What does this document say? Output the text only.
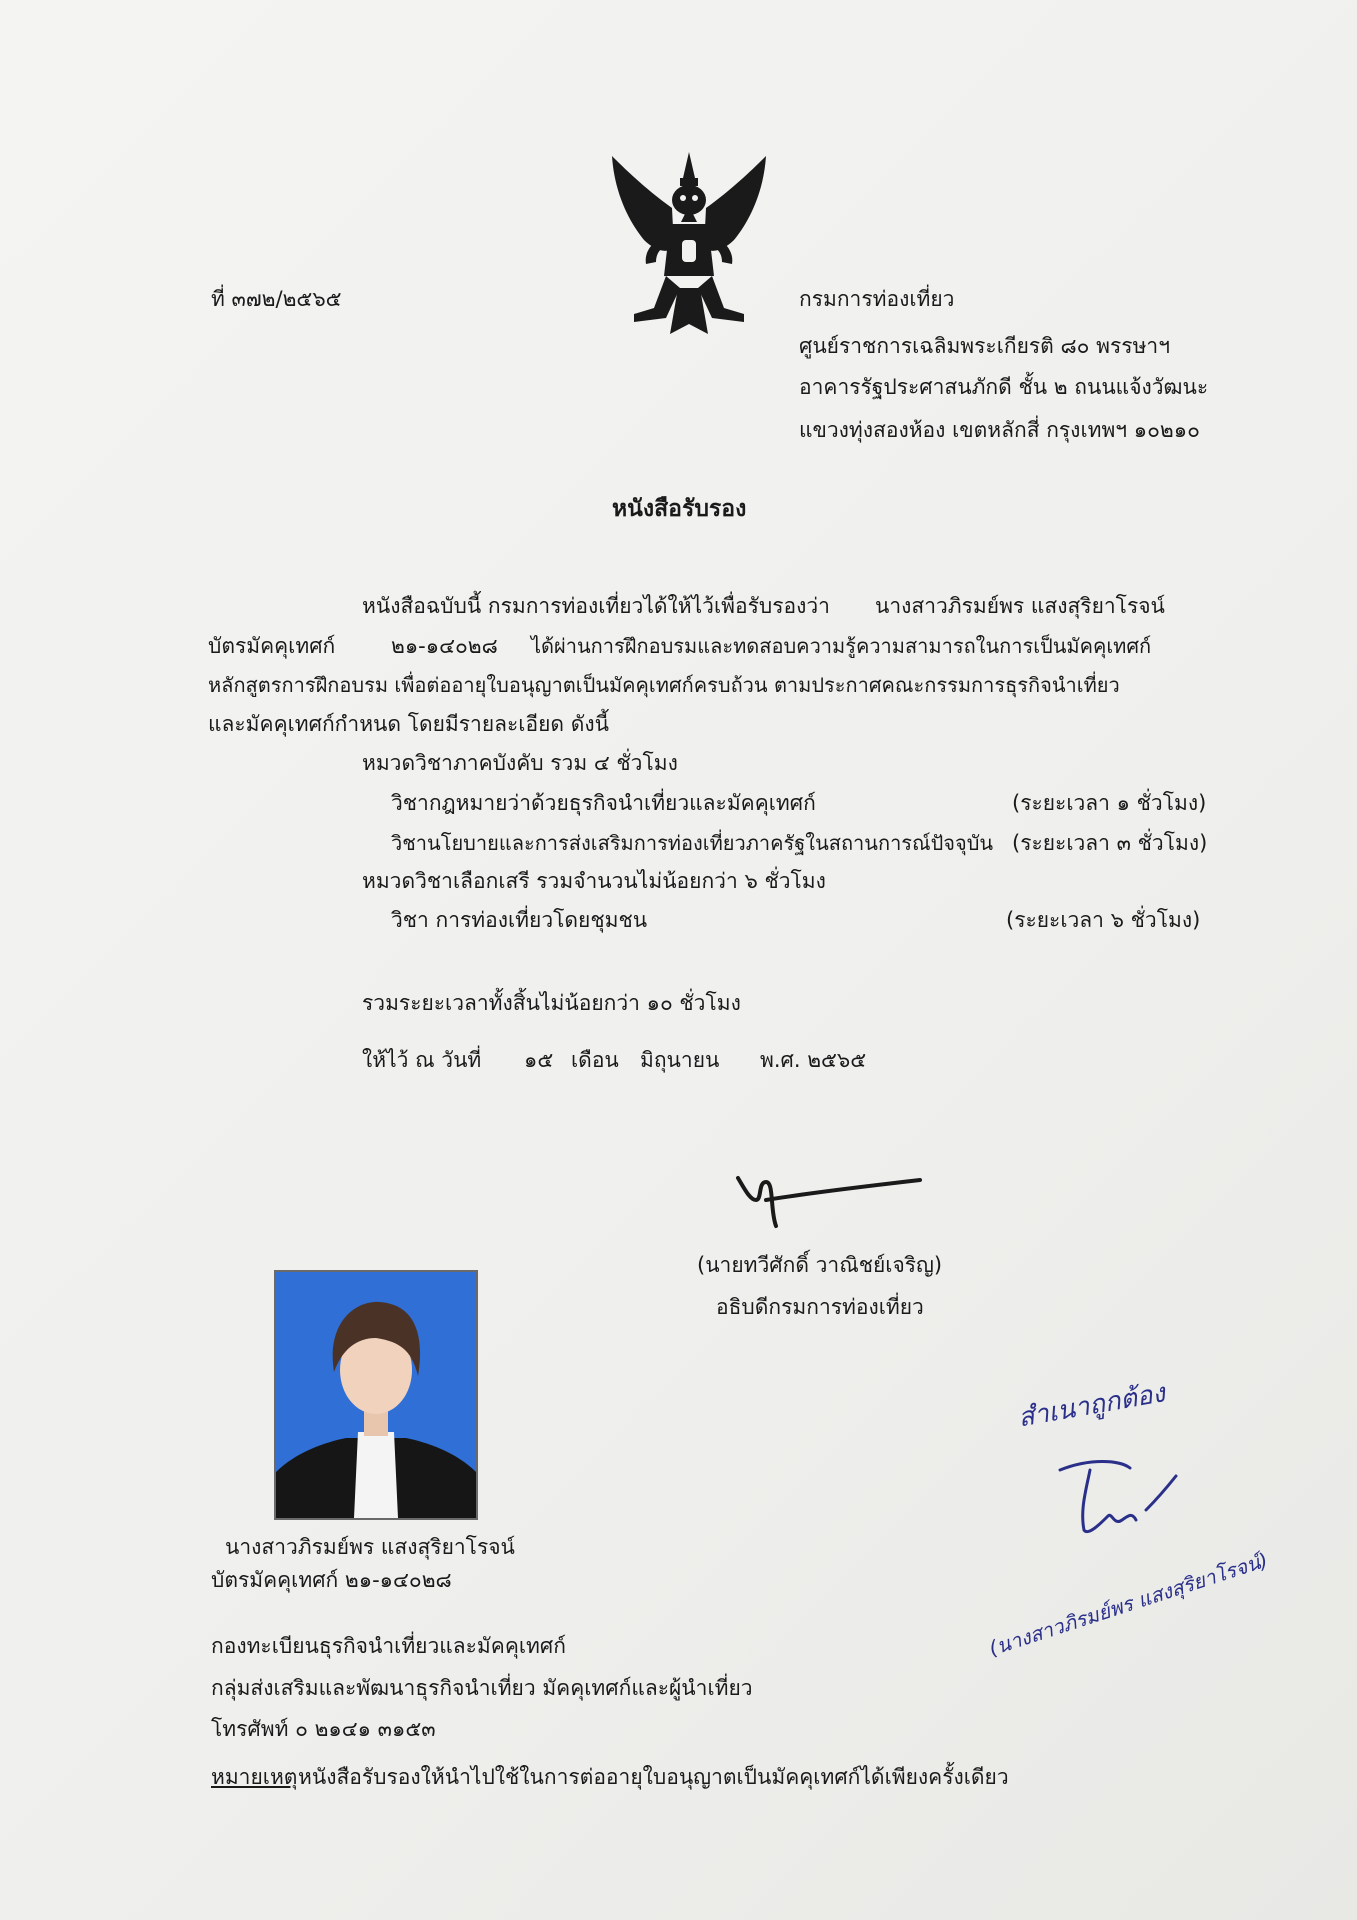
ที่ ๓๗๒/๒๕๖๕	กรมการท่องเที่ยว
ศูนย์ราชการเฉลิมพระเกียรติ ๘๐ พรรษาฯ
อาคารรัฐประศาสนภักดี ชั้น ๒ ถนนแจ้งวัฒนะ
แขวงทุ่งสองห้อง เขตหลักสี่ กรุงเทพฯ ๑๐๒๑๐
หนังสือรับรอง
หนังสือฉบับนี้ กรมการท่องเที่ยวได้ให้ไว้เพื่อรับรองว่า นางสาวภิรมย์พร แสงสุริยาโรจน์
บัตรมัคคุเทศก์	๒๑-๑๔๐๒๘ ได้ผ่านการฝึกอบรมและทดสอบความรู้ความสามารถในการเป็นมัคคุเทศก์
หลักสูตรการฝึกอบรม เพื่อต่ออายุใบอนุญาตเป็นมัคคุเทศก์ครบถ้วน ตามประกาศคณะกรรมการธุรกิจนำเที่ยว
และมัคคุเทศก์กำหนด โดยมีรายละเอียด ดังนี้
หมวดวิชาภาคบังคับ รวม ๔ ชั่วโมง
วิชากฎหมายว่าด้วยธุรกิจนำเที่ยวและมัคคุเทศก์	(ระยะเวลา ๑ ชั่วโมง)
วิชานโยบายและการส่งเสริมการท่องเที่ยวภาครัฐในสถานการณ์ปัจจุบัน (ระยะเวลา ๓ ชั่วโมง)
หมวดวิชาเลือกเสรี รวมจำนวนไม่น้อยกว่า ๖ ชั่วโมง
วิชา การท่องเที่ยวโดยชุมชน	(ระยะเวลา ๖ ชั่วโมง)
รวมระยะเวลาทั้งสิ้นไม่น้อยกว่า ๑๐ ชั่วโมง
ให้ไว้ ณ วันที่ ๑๕ เดือน มิถุนายน พ.ศ. ๒๕๖๕
(นายทวีศักดิ์ วาณิชย์เจริญ)
อธิบดีกรมการท่องเที่ยว
นางสาวภิรมย์พร แสงสุริยาโรจน์
บัตรมัคคุเทศก์ ๒๑-๑๔๐๒๘
สำเนาถูกต้อง
(นางสาวภิรมย์พร แสงสุริยาโรจน์)
กองทะเบียนธุรกิจนำเที่ยวและมัคคุเทศก์
กลุ่มส่งเสริมและพัฒนาธุรกิจนำเที่ยว มัคคุเทศก์และผู้นำเที่ยว
โทรศัพท์ ๐ ๒๑๔๑ ๓๑๕๓
หมายเหตุ หนังสือรับรองให้นำไปใช้ในการต่ออายุใบอนุญาตเป็นมัคคุเทศก์ได้เพียงครั้งเดียว
